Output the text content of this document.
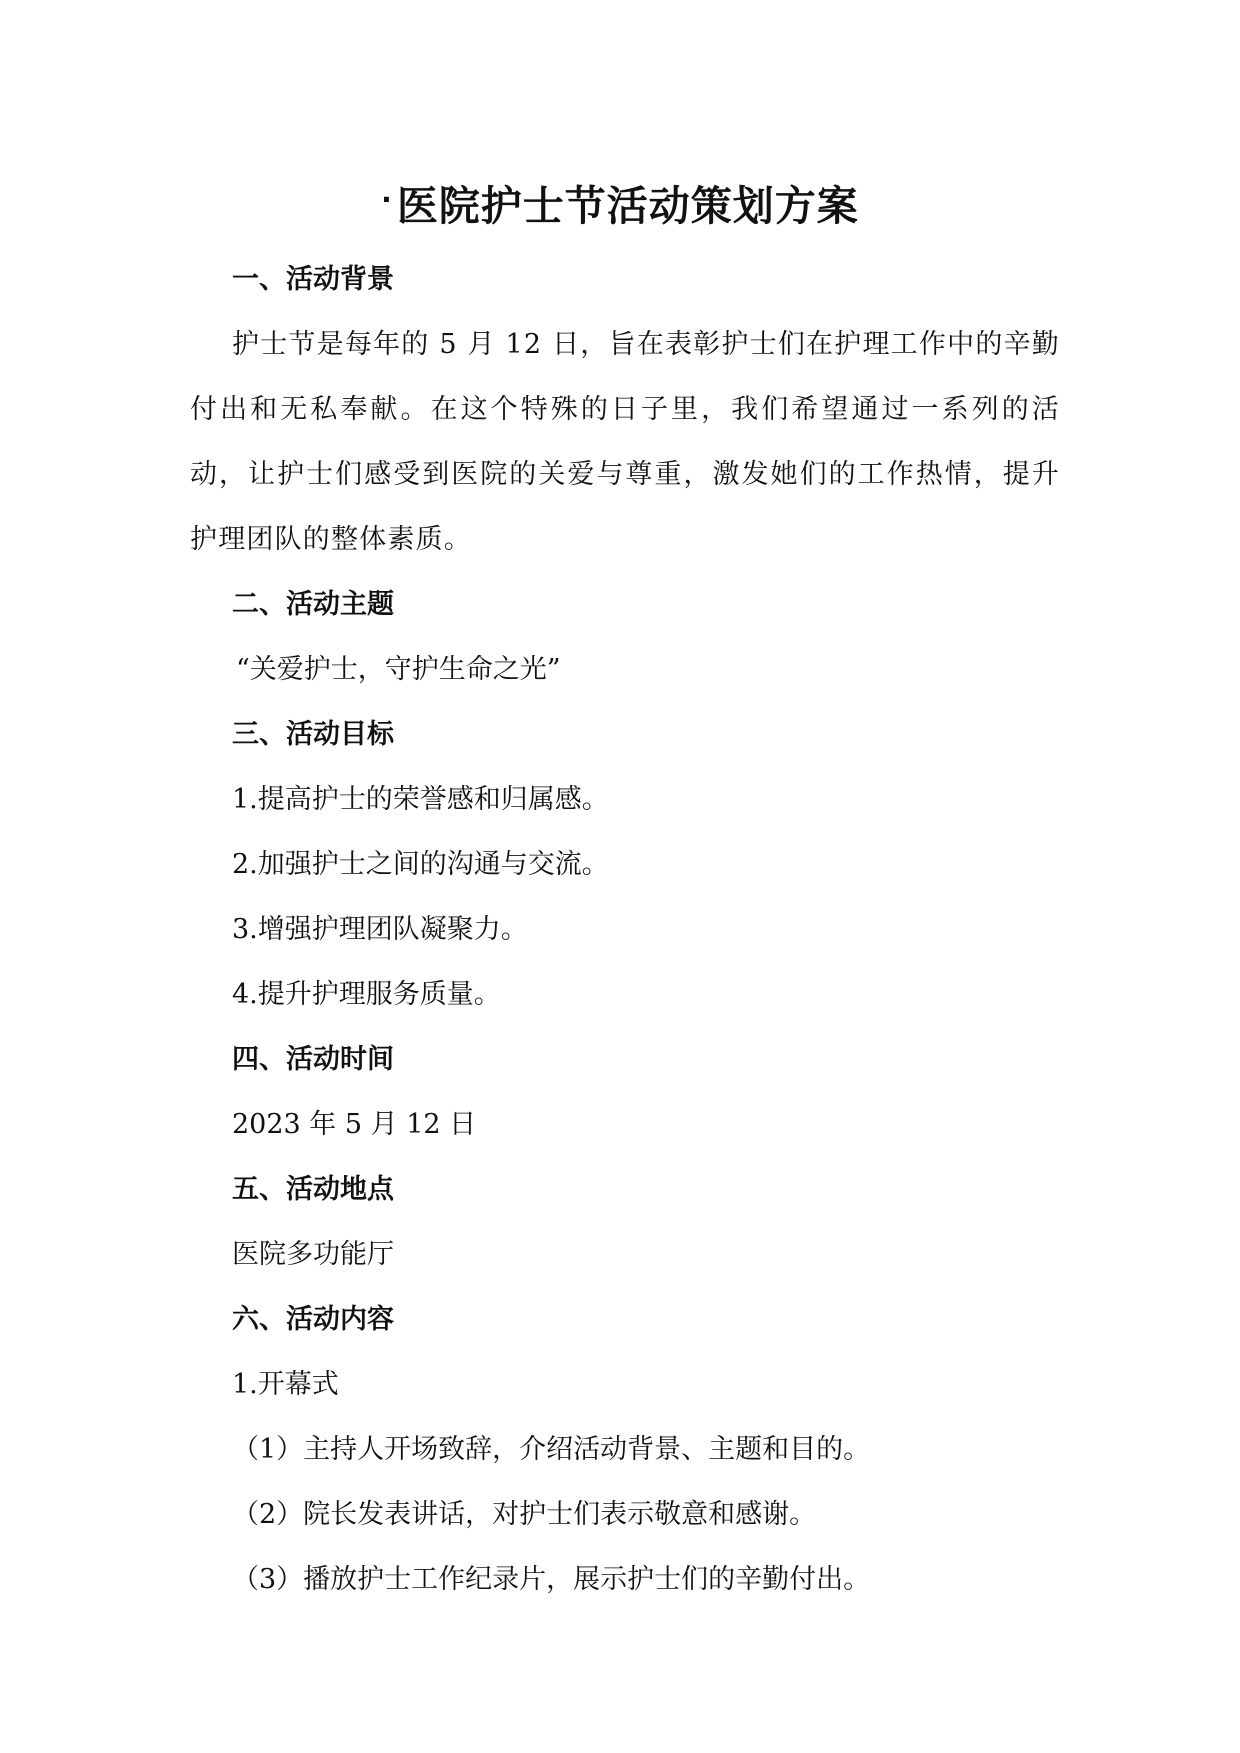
·医院护士节活动策划方案
一、活动背景
护士节是每年的 5 月 12 日，旨在表彰护士们在护理工作中的辛勤付出和无私奉献。在这个特殊的日子里，我们希望通过一系列的活动，让护士们感受到医院的关爱与尊重，激发她们的工作热情，提升护理团队的整体素质。
二、活动主题
“关爱护士，守护生命之光”
三、活动目标
1.提高护士的荣誉感和归属感。
2.加强护士之间的沟通与交流。
3.增强护理团队凝聚力。
4.提升护理服务质量。
四、活动时间
2023 年 5 月 12 日
五、活动地点
医院多功能厅
六、活动内容
1.开幕式
（1）主持人开场致辞，介绍活动背景、主题和目的。
（2）院长发表讲话，对护士们表示敬意和感谢。
（3）播放护士工作纪录片，展示护士们的辛勤付出。
